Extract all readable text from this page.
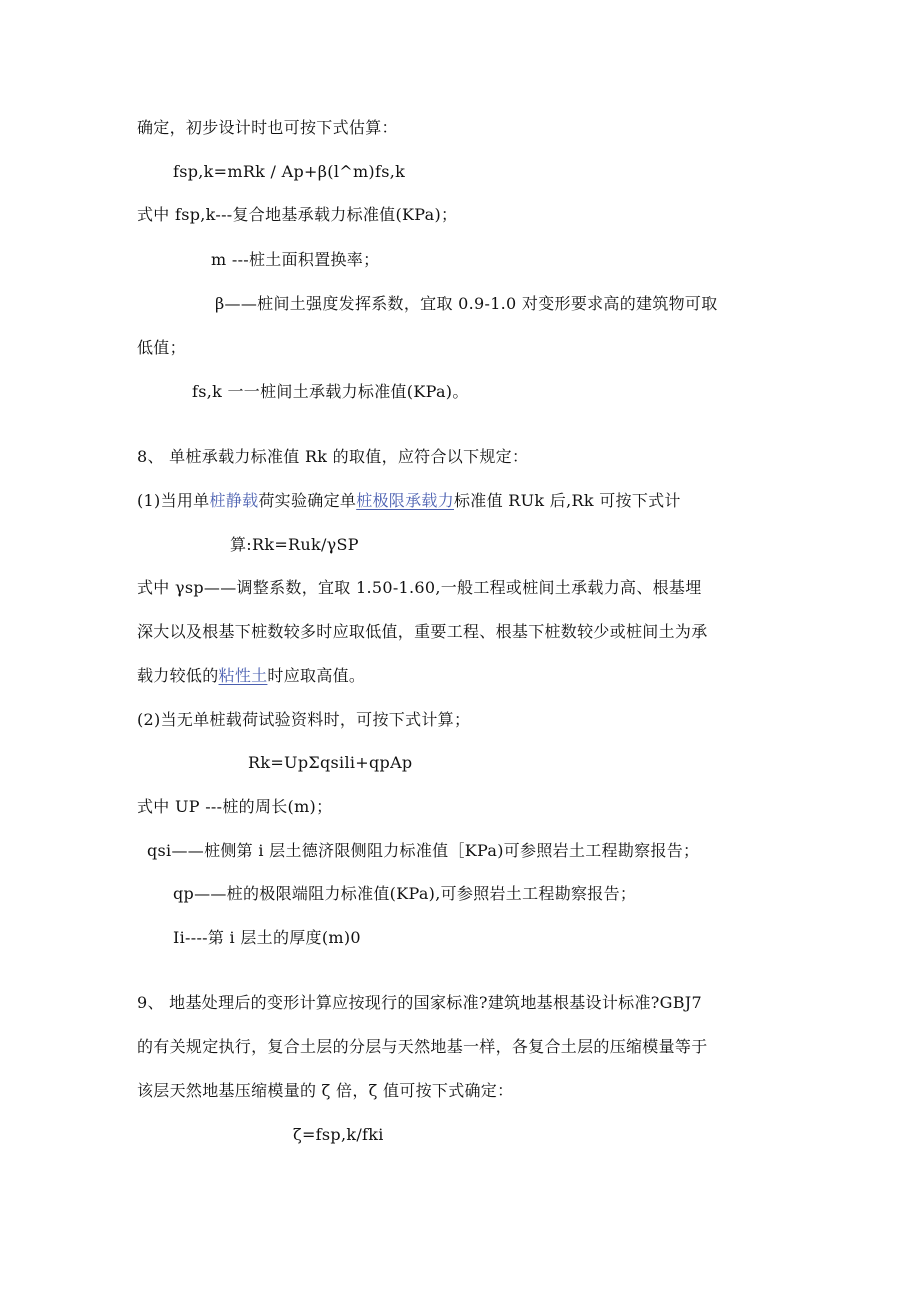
确定，初步设计时也可按下式估算：
fsp,k=mRk / Ap+β(l^m)fs,k
式中 fsp,k---复合地基承载力标准值(KPa)；
m ---桩土面积置换率；
β——桩间土强度发挥系数，宜取 0.9-1.0 对变形要求高的建筑物可取
低值；
fs,k 一一桩间土承载力标准值(KPa)。
8、 单桩承载力标准值 Rk 的取值，应符合以下规定：
(1)当用单桩静载荷实验确定单桩极限承载力标准值 RUk 后,Rk 可按下式计
算:Rk=Ruk/γSP
式中 γsp——调整系数，宜取 1.50-1.60,一般工程或桩间土承载力高、根基埋
深大以及根基下桩数较多时应取低值，重要工程、根基下桩数较少或桩间土为承
载力较低的粘性土时应取高值。
(2)当无单桩载荷试验资料时，可按下式计算；
Rk=UpΣqsili+qpAp
式中 UP ---桩的周长(m)；
qsi——桩侧第 i 层土德济限侧阻力标准值［KPa)可参照岩土工程勘察报告；
qp——桩的极限端阻力标准值(KPa),可参照岩土工程勘察报告；
Ii----第 i 层土的厚度(m)0
9、 地基处理后的变形计算应按现行的国家标准?建筑地基根基设计标准?GBJ7
的有关规定执行，复合土层的分层与天然地基一样，各复合土层的压缩模量等于
该层天然地基压缩模量的 ζ 倍，ζ 值可按下式确定：
ζ=fsp,k/fki
